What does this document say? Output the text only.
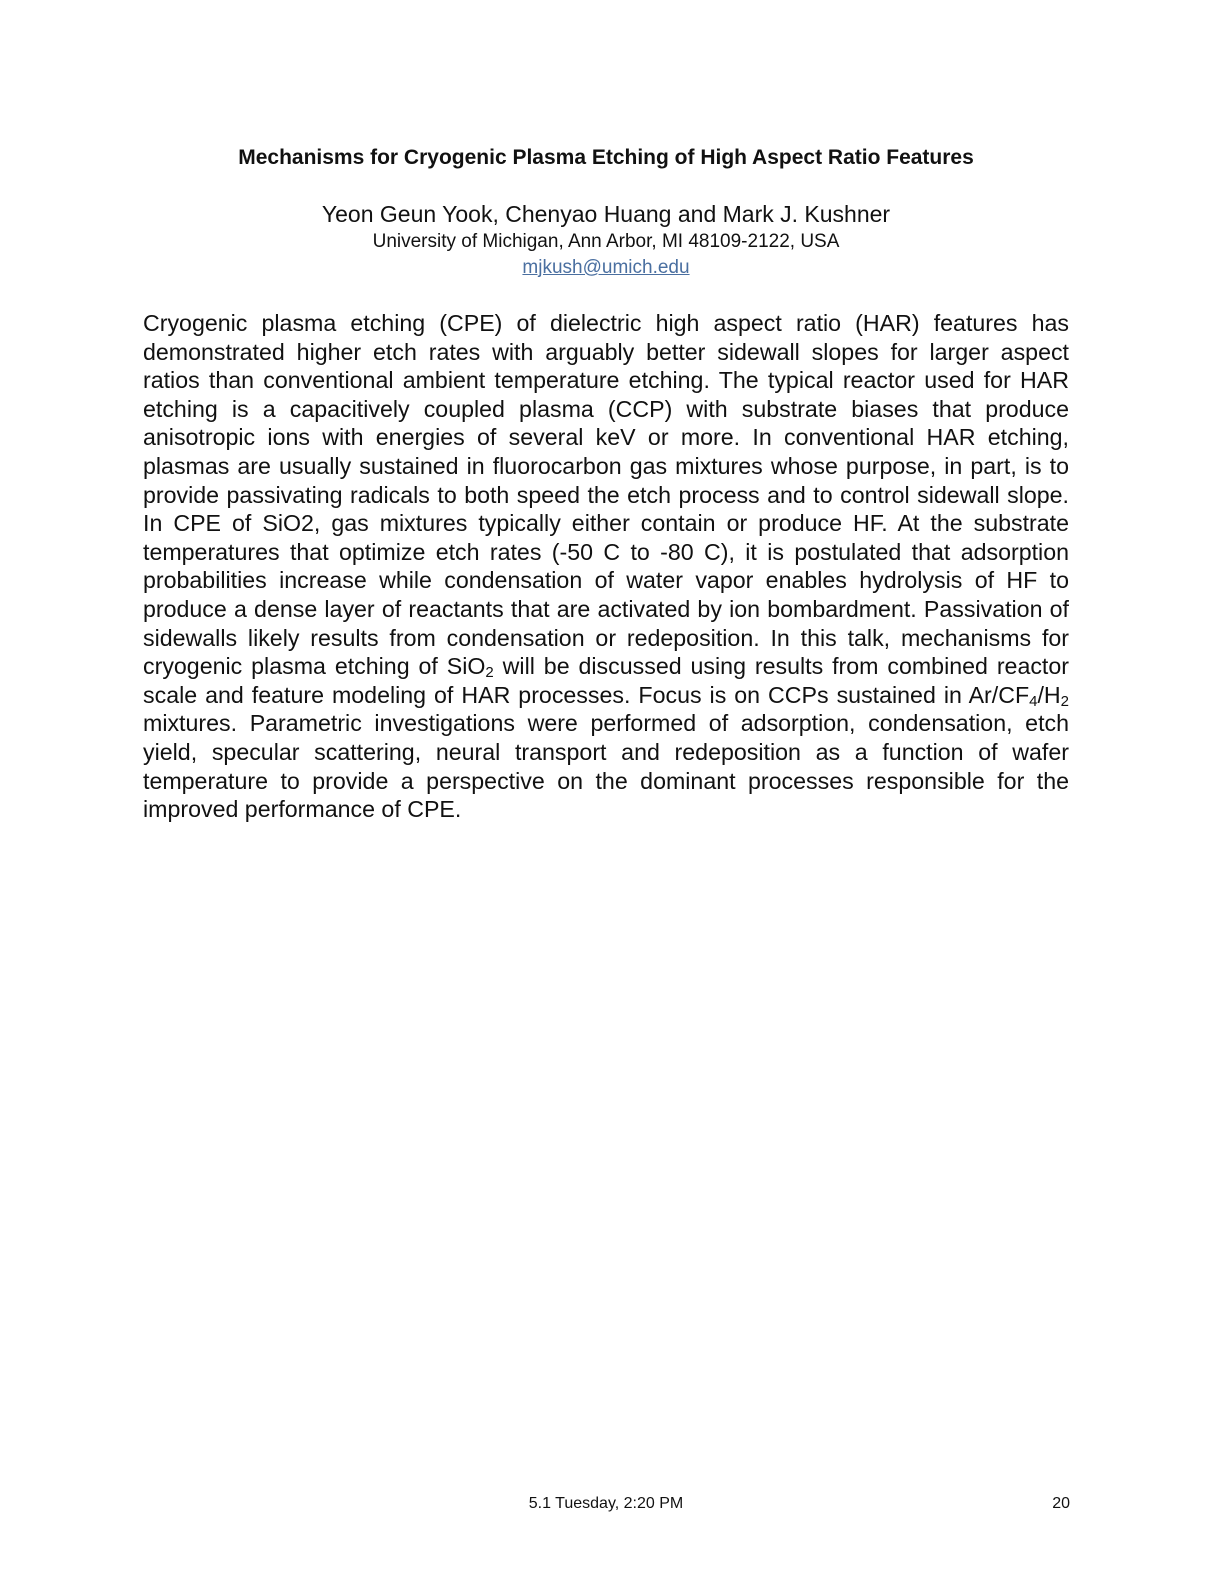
Mechanisms for Cryogenic Plasma Etching of High Aspect Ratio Features
Yeon Geun Yook, Chenyao Huang and Mark J. Kushner
University of Michigan, Ann Arbor, MI 48109-2122, USA
mjkush@umich.edu

Cryogenic plasma etching (CPE) of dielectric high aspect ratio (HAR) features has demonstrated higher etch rates with arguably better sidewall slopes for larger aspect ratios than conventional ambient temperature etching. The typical reactor used for HAR etching is a capacitively coupled plasma (CCP) with substrate biases that produce anisotropic ions with energies of several keV or more. In conventional HAR etching, plasmas are usually sustained in fluorocarbon gas mixtures whose purpose, in part, is to provide passivating radicals to both speed the etch process and to control sidewall slope. In CPE of SiO2, gas mixtures typically either contain or produce HF. At the substrate temperatures that optimize etch rates (-50 C to -80 C), it is postulated that adsorption probabilities increase while condensation of water vapor enables hydrolysis of HF to produce a dense layer of reactants that are activated by ion bombardment. Passivation of sidewalls likely results from condensation or redeposition. In this talk, mechanisms for cryogenic plasma etching of SiO$_2$ will be discussed using results from combined reactor scale and feature modeling of HAR processes. Focus is on CCPs sustained in $Ar/CF_4/H_2$ mixtures. Parametric investigations were performed of adsorption, condensation, etch yield, specular scattering, neural transport and redeposition as a function of wafer temperature to provide a perspective on the dominant processes responsible for the improved performance of CPE.

5.1 Tuesday, 2:20 PM	20
